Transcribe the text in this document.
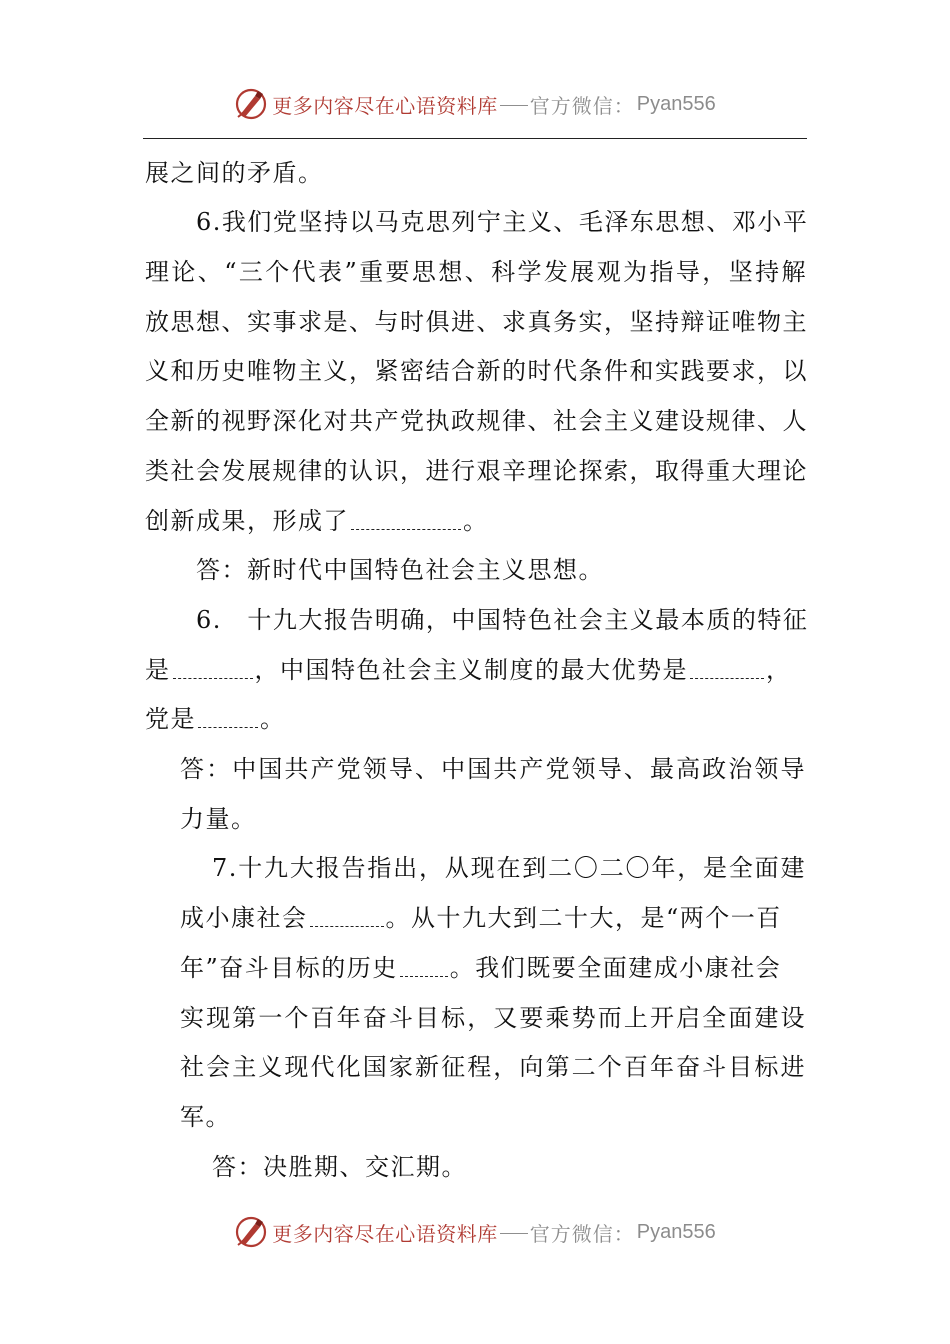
更多内容尽在心语资料库 官方微信： Pyan556
展之间的矛盾。
6.我们党坚持以马克思列宁主义、毛泽东思想、邓小平
理论、“三个代表”重要思想、科学发展观为指导，坚持解
放思想、实事求是、与时俱进、求真务实，坚持辩证唯物主
义和历史唯物主义，紧密结合新的时代条件和实践要求，以
全新的视野深化对共产党执政规律、社会主义建设规律、人
类社会发展规律的认识，进行艰辛理论探索，取得重大理论
创新成果，形成了	。
答：新时代中国特色社会主义思想。
6.　十九大报告明确，中国特色社会主义最本质的特征
是	，中国特色社会主义制度的最大优势是	，
党是	。
答：中国共产党领导、中国共产党领导、最高政治领导
力量。
7.十九大报告指出，从现在到二〇二〇年，是全面建
成小康社会	。从十九大到二十大，是“两个一百
年”奋斗目标的历史 。我们既要全面建成小康社会
实现第一个百年奋斗目标，又要乘势而上开启全面建设
社会主义现代化国家新征程，向第二个百年奋斗目标进
军。
答：决胜期、交汇期。
更多内容尽在心语资料库 官方微信： Pyan556
